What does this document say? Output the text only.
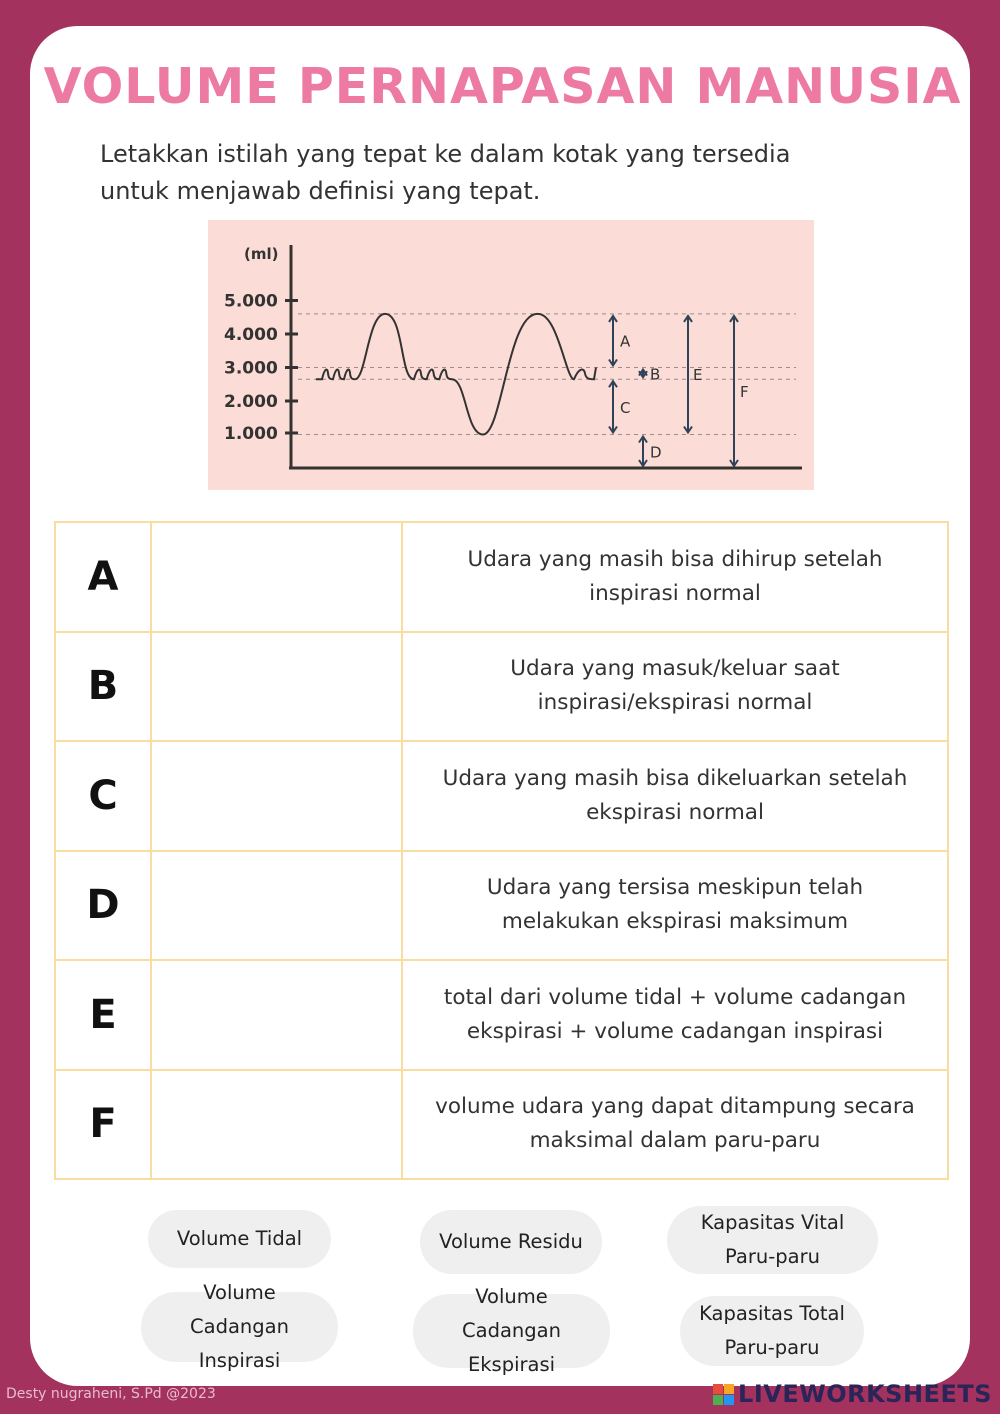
VOLUME PERNAPASAN MANUSIA
Letakkan istilah yang tepat ke dalam kotak yang tersedia
untuk menjawab definisi yang tepat.
(ml)
1.000
2.000
3.000
4.000
5.000
A
B
C
D
E
F
A		Udara yang masih bisa dihirup setelah
inspirasi normal

B		Udara yang masuk/keluar saat
inspirasi/ekspirasi normal

C		Udara yang masih bisa dikeluarkan setelah
ekspirasi normal

D		Udara yang tersisa meskipun telah
melakukan ekspirasi maksimum

E		total dari volume tidal + volume cadangan
ekspirasi + volume cadangan inspirasi

F		volume udara yang dapat ditampung secara
maksimal dalam paru-paru
Volume Tidal	Volume Residu
Kapasitas Vital
Paru-paru
Volume Cadangan
Inspirasi
Volume Cadangan
Ekspirasi
Kapasitas Total
Paru-paru
Desty nugraheni, S.Pd @2023	LIVEWORKSHEETS
